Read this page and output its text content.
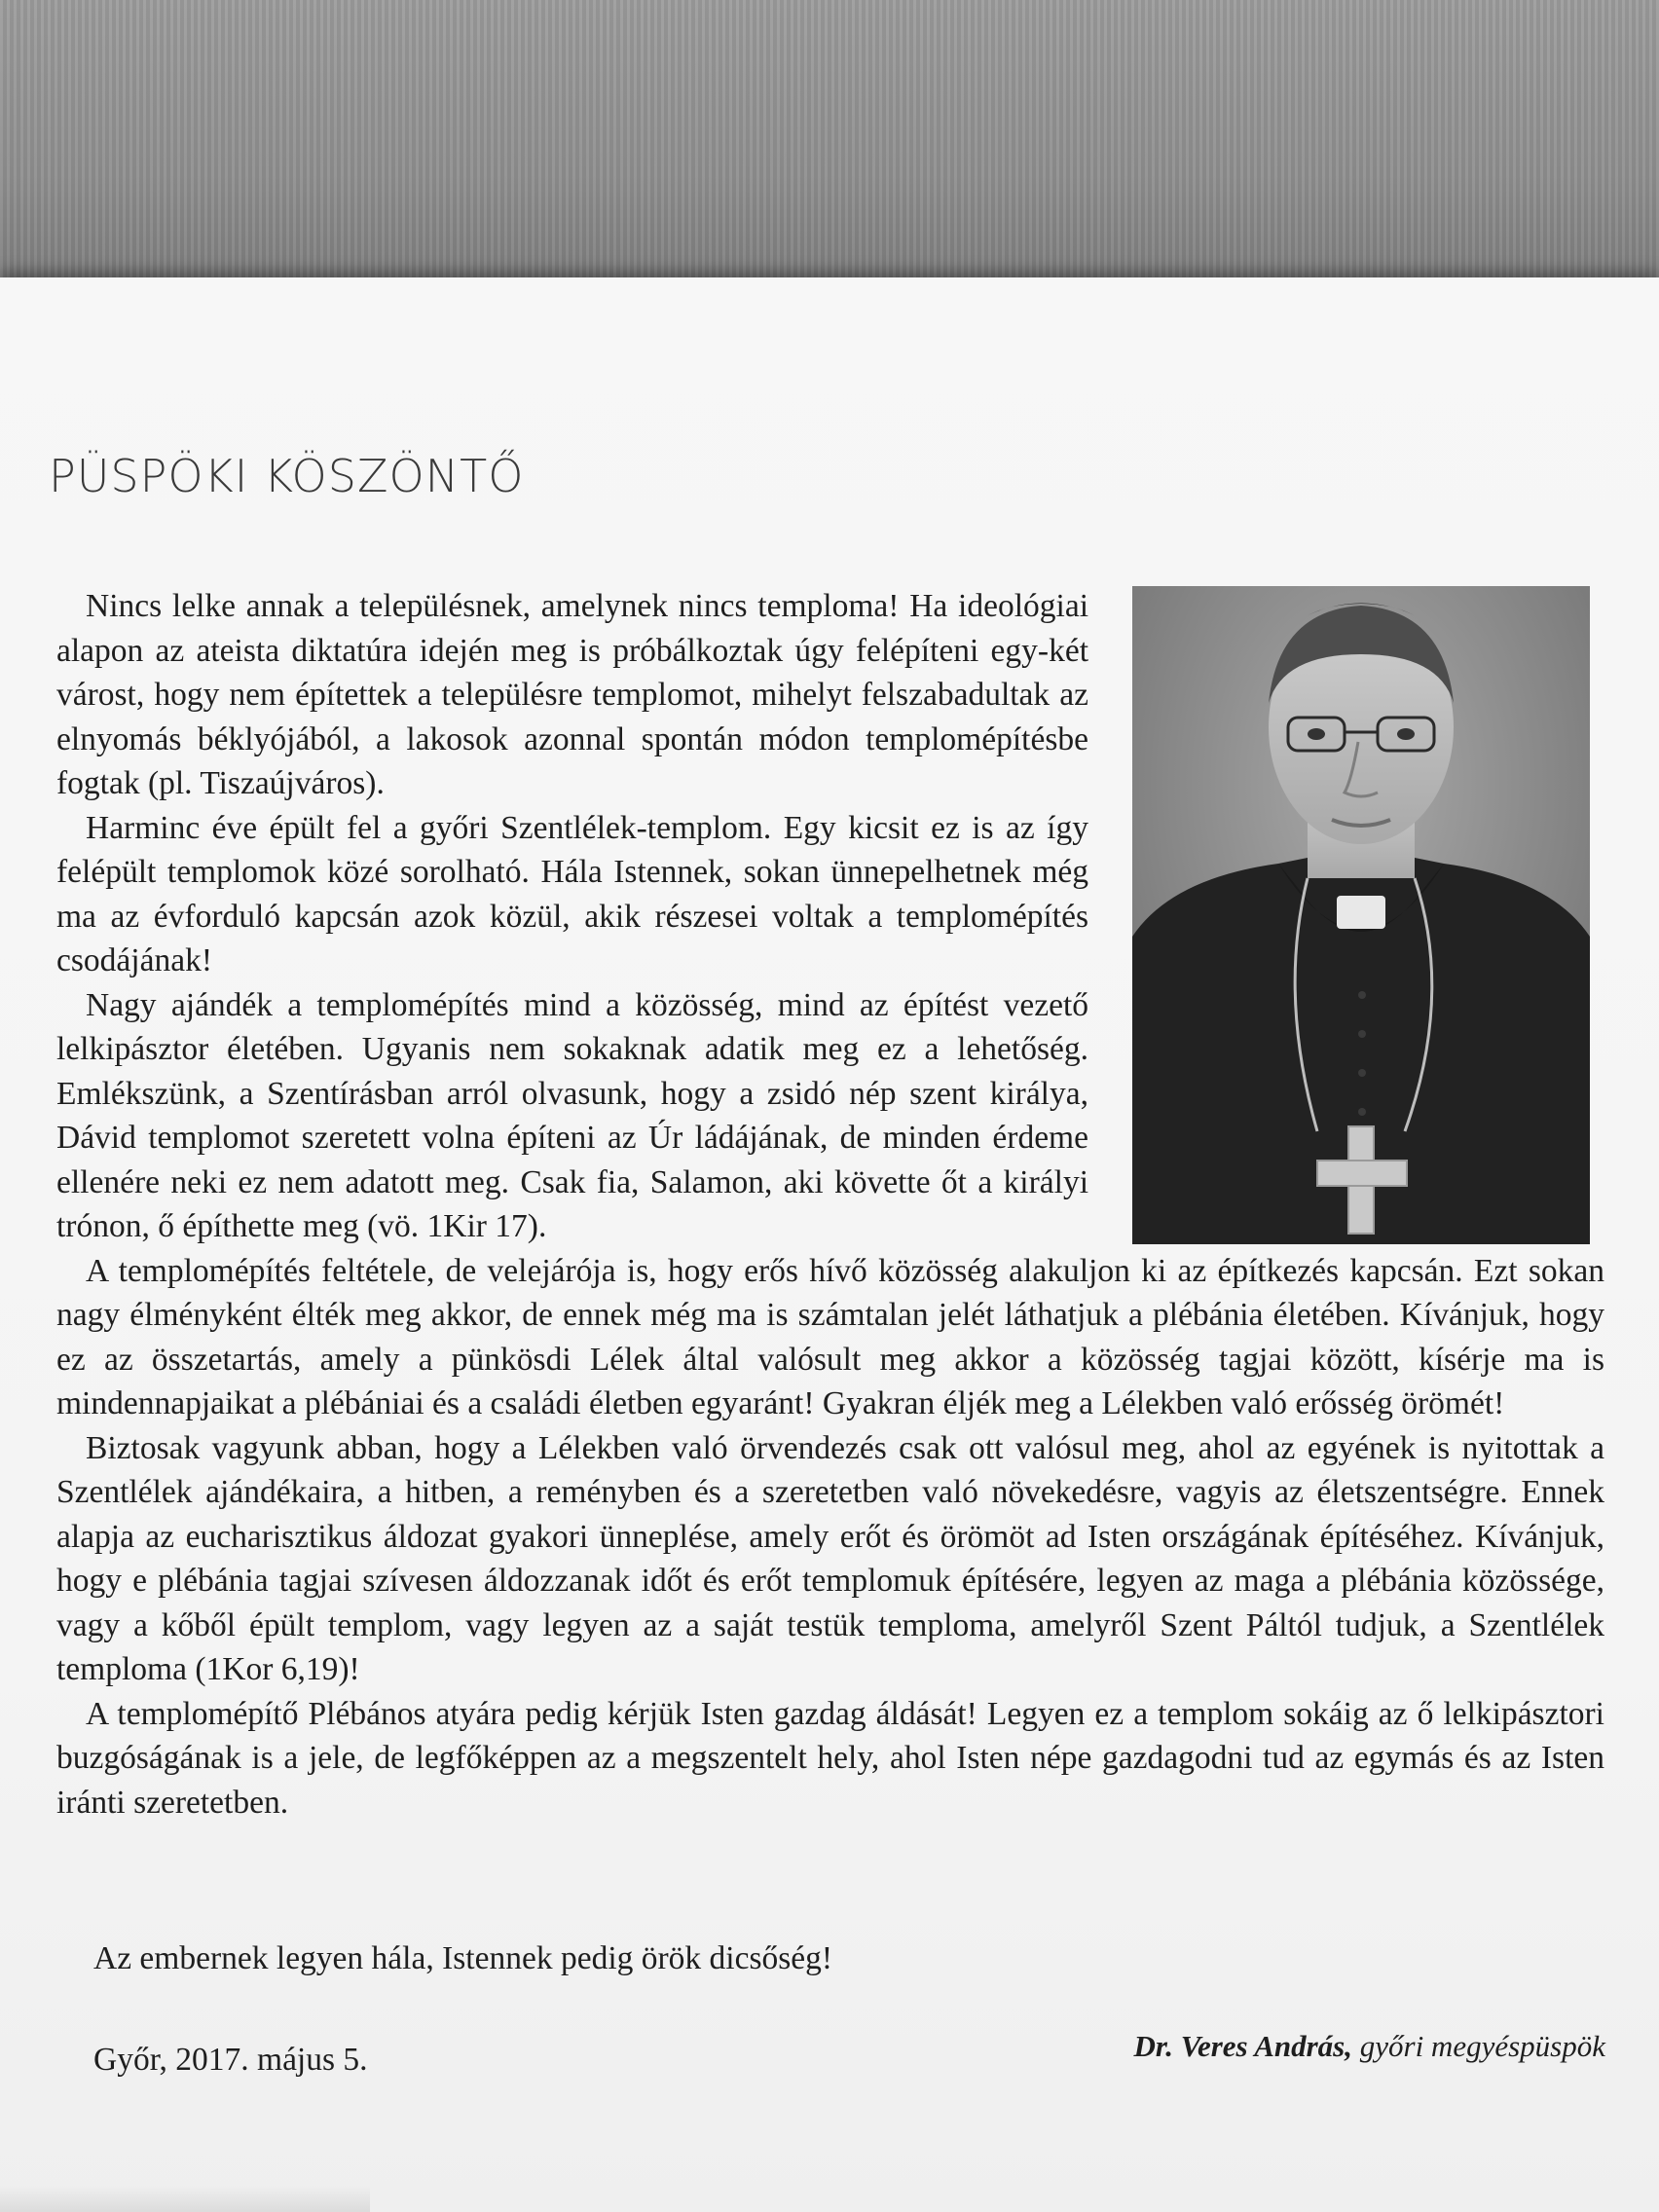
PÜSPÖKI KÖSZÖNTŐ

Nincs lelke annak a településnek, amelynek nincs temploma! Ha ideológiai alapon az ateista diktatúra idején meg is próbálkoztak úgy felépíteni egy-két várost, hogy nem építettek a településre templomot, mihelyt felszabadultak az elnyomás béklyójából, a lakosok azonnal spontán módon templomépítésbe fogtak (pl. Tiszaújváros).

Harminc éve épült fel a győri Szentlélek-templom. Egy kicsit ez is az így felépült templomok közé sorolható. Hála Istennek, sokan ünnepelhetnek még ma az évforduló kapcsán azok közül, akik részesei voltak a templomépítés csodájának!

Nagy ajándék a templomépítés mind a közösség, mind az építést vezető lelkipásztor életében. Ugyanis nem sokaknak adatik meg ez a lehetőség. Emlékszünk, a Szentírásban arról olvasunk, hogy a zsidó nép szent királya, Dávid templomot szeretett volna építeni az Úr ládájának, de minden érdeme ellenére neki ez nem adatott meg. Csak fia, Salamon, aki követte őt a királyi trónon, ő építhette meg (vö. 1Kir 17).

A templomépítés feltétele, de velejárója is, hogy erős hívő közösség alakuljon ki az építkezés kapcsán. Ezt sokan nagy élményként élték meg akkor, de ennek még ma is számtalan jelét láthatjuk a plébánia életében. Kívánjuk, hogy ez az összetartás, amely a pünkösdi Lélek által valósult meg akkor a közösség tagjai között, kísérje ma is mindennapjaikat a plébániai és a családi életben egyaránt! Gyakran éljék meg a Lélekben való erősség örömét!

Biztosak vagyunk abban, hogy a Lélekben való örvendezés csak ott valósul meg, ahol az egyének is nyitottak a Szentlélek ajándékaira, a hitben, a reményben és a szeretetben való növekedésre, vagyis az életszentségre. Ennek alapja az eucharisztikus áldozat gyakori ünneplése, amely erőt és örömöt ad Isten országának építéséhez. Kívánjuk, hogy e plébánia tagjai szívesen áldozzanak időt és erőt templomuk építésére, legyen az maga a plébánia közössége, vagy a kőből épült templom, vagy legyen az a saját testük temploma, amelyről Szent Páltól tudjuk, a Szentlélek temploma (1Kor 6,19)!

A templomépítő Plébános atyára pedig kérjük Isten gazdag áldását! Legyen ez a templom sokáig az ő lelkipásztori buzgóságának is a jele, de legfőképpen az a megszentelt hely, ahol Isten népe gazdagodni tud az egymás és az Isten iránti szeretetben.

Az embernek legyen hála, Istennek pedig örök dicsőség!
Győr, 2017. május 5.	Dr. Veres András, győri megyéspüspök
